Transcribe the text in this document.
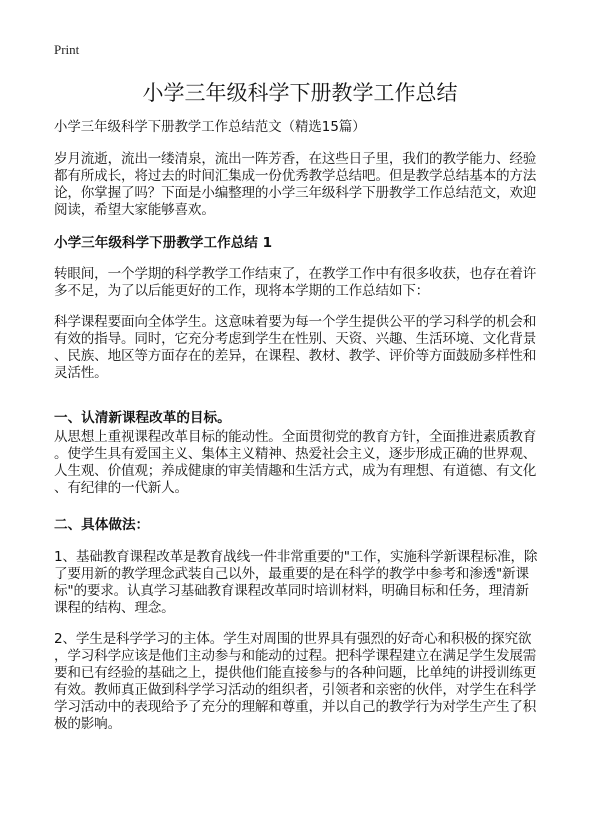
Print
小学三年级科学下册教学工作总结
小学三年级科学下册教学工作总结范文（精选15篇）
岁月流逝，流出一缕清泉，流出一阵芳香，在这些日子里，我们的教学能力、经验
都有所成长，将过去的时间汇集成一份优秀教学总结吧。但是教学总结基本的方法
论，你掌握了吗？下面是小编整理的小学三年级科学下册教学工作总结范文，欢迎
阅读，希望大家能够喜欢。
小学三年级科学下册教学工作总结 1
转眼间，一个学期的科学教学工作结束了，在教学工作中有很多收获，也存在着许
多不足，为了以后能更好的工作，现将本学期的工作总结如下：
科学课程要面向全体学生。这意味着要为每一个学生提供公平的学习科学的机会和
有效的指导。同时，它充分考虑到学生在性别、天资、兴趣、生活环境、文化背景
、民族、地区等方面存在的差异，在课程、教材、教学、评价等方面鼓励多样性和
灵活性。
一、认清新课程改革的目标。
从思想上重视课程改革目标的能动性。全面贯彻党的教育方针，全面推进素质教育
。使学生具有爱国主义、集体主义精神、热爱社会主义，逐步形成正确的世界观、
人生观、价值观；养成健康的审美情趣和生活方式，成为有理想、有道德、有文化
、有纪律的一代新人。
二、具体做法：
1、基础教育课程改革是教育战线一件非常重要的"工作，实施科学新课程标准，除
了要用新的教学理念武装自己以外，最重要的是在科学的教学中参考和渗透"新课
标"的要求。认真学习基础教育课程改革同时培训材料，明确目标和任务，理清新
课程的结构、理念。
2、学生是科学学习的主体。学生对周围的世界具有强烈的好奇心和积极的探究欲
，学习科学应该是他们主动参与和能动的过程。把科学课程建立在满足学生发展需
要和已有经验的基础之上，提供他们能直接参与的各种问题，比单纯的讲授训练更
有效。教师真正做到科学学习活动的组织者，引领者和亲密的伙伴，对学生在科学
学习活动中的表现给予了充分的理解和尊重，并以自己的教学行为对学生产生了积
极的影响。
